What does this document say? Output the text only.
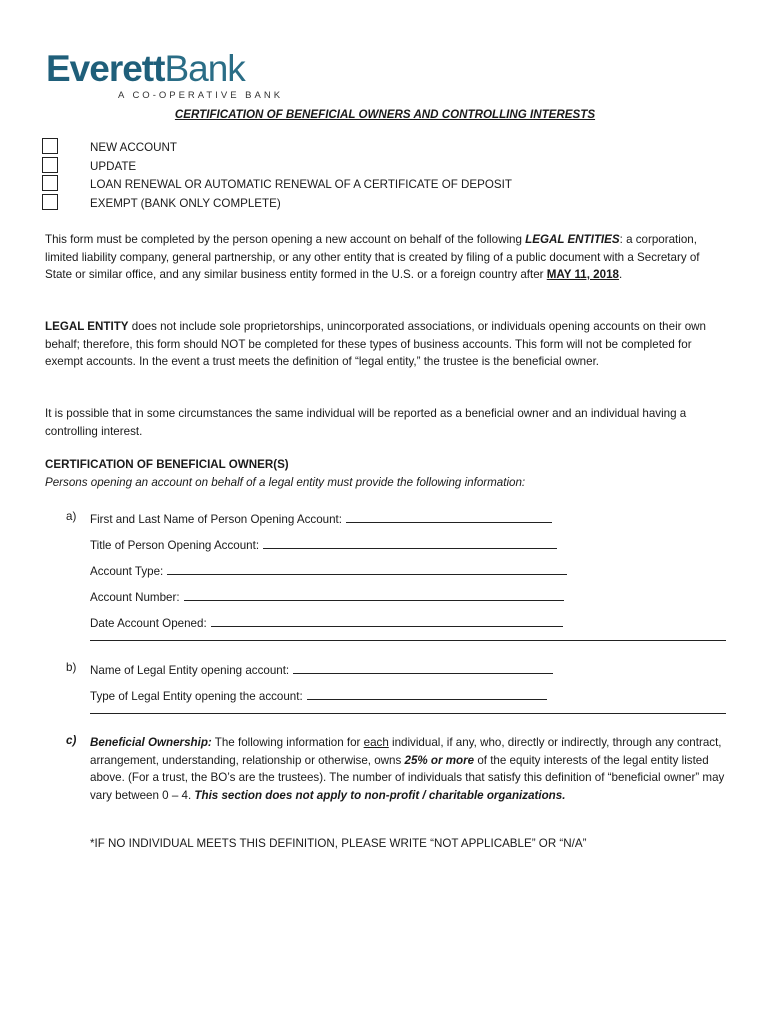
EverettBank
A CO-OPERATIVE BANK
CERTIFICATION OF BENEFICIAL OWNERS AND CONTROLLING INTERESTS
NEW ACCOUNT
UPDATE
LOAN RENEWAL OR AUTOMATIC RENEWAL OF A CERTIFICATE OF DEPOSIT
EXEMPT (BANK ONLY COMPLETE)

This form must be completed by the person opening a new account on behalf of the following LEGAL ENTITIES: a corporation, limited liability company, general partnership, or any other entity that is created by filing of a public document with a Secretary of State or similar office, and any similar business entity formed in the U.S. or a foreign country after MAY 11, 2018.

LEGAL ENTITY does not include sole proprietorships, unincorporated associations, or individuals opening accounts on their own behalf; therefore, this form should NOT be completed for these types of business accounts. This form will not be completed for exempt accounts. In the event a trust meets the definition of “legal entity,” the trustee is the beneficial owner.

It is possible that in some circumstances the same individual will be reported as a beneficial owner and an individual having a controlling interest.

CERTIFICATION OF BENEFICIAL OWNER(S)
Persons opening an account on behalf of a legal entity must provide the following information:
a) First and Last Name of Person Opening Account:
Title of Person Opening Account:
Account Type:
Account Number:
Date Account Opened:
b) Name of Legal Entity opening account:
Type of Legal Entity opening the account:
c) Beneficial Ownership: The following information for each individual, if any, who, directly or indirectly, through any contract, arrangement, understanding, relationship or otherwise, owns 25% or more of the equity interests of the legal entity listed above. (For a trust, the BO’s are the trustees). The number of individuals that satisfy this definition of “beneficial owner” may vary between 0 – 4. This section does not apply to non-profit / charitable organizations.

*IF NO INDIVIDUAL MEETS THIS DEFINITION, PLEASE WRITE “NOT APPLICABLE” OR “N/A”
